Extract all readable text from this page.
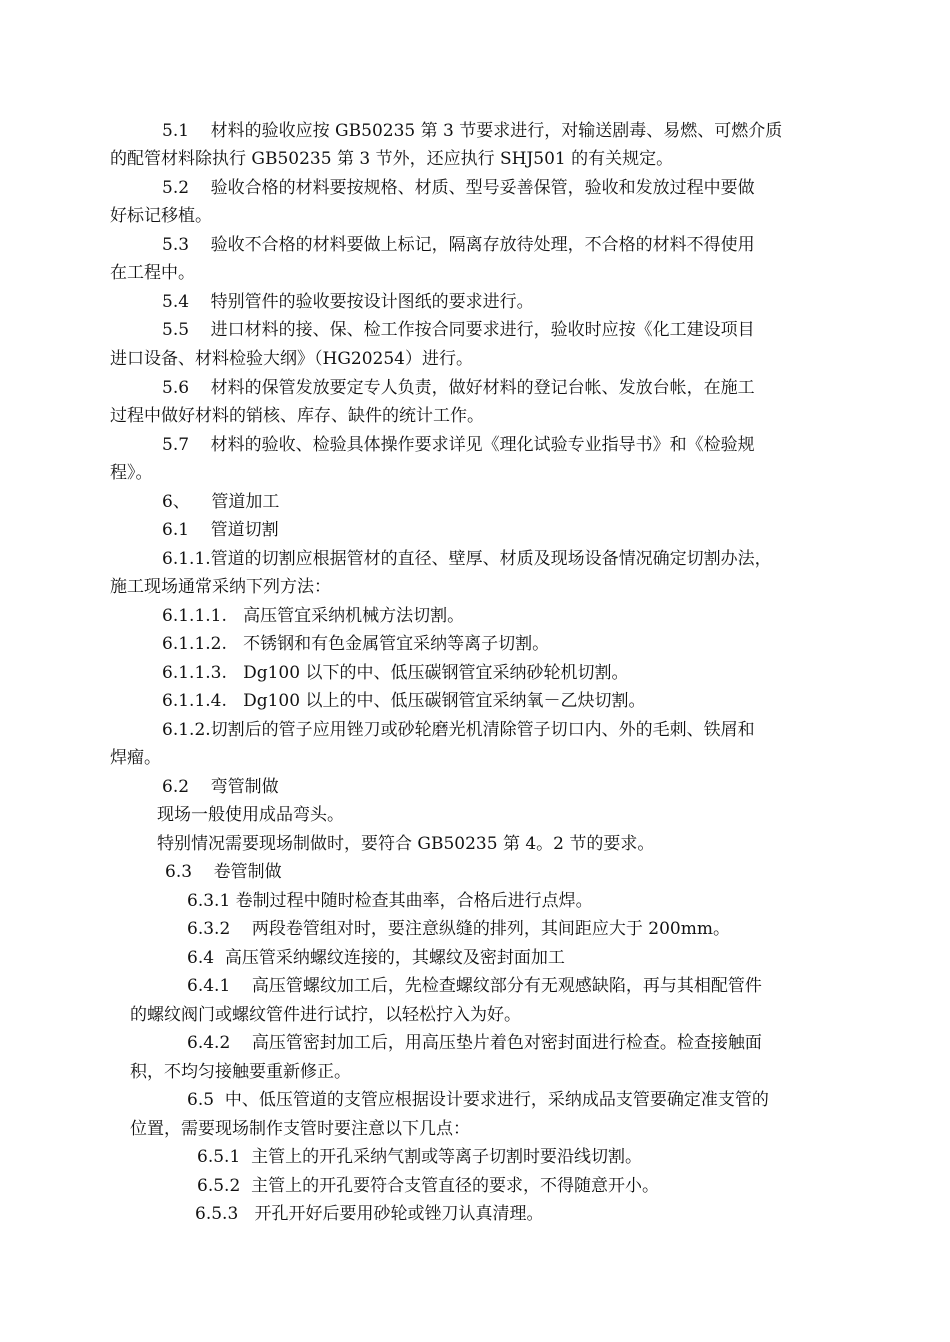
5.1    材料的验收应按 GB50235 第 3 节要求进行，对输送剧毒、易燃、可燃介质
的配管材料除执行 GB50235 第 3 节外，还应执行 SHJ501 的有关规定。
5.2    验收合格的材料要按规格、材质、型号妥善保管，验收和发放过程中要做
好标记移植。
5.3    验收不合格的材料要做上标记，隔离存放待处理，不合格的材料不得使用
在工程中。
5.4    特别管件的验收要按设计图纸的要求进行。
5.5    进口材料的接、保、检工作按合同要求进行，验收时应按《化工建设项目
进口设备、材料检验大纲》（HG20254）进行。
5.6    材料的保管发放要定专人负责，做好材料的登记台帐、发放台帐，在施工
过程中做好材料的销核、库存、缺件的统计工作。
5.7    材料的验收、检验具体操作要求详见《理化试验专业指导书》和《检验规
程》。
6、    管道加工
6.1    管道切割
6.1.1.管道的切割应根据管材的直径、壁厚、材质及现场设备情况确定切割办法，
施工现场通常采纳下列方法：
6.1.1.1.   高压管宜采纳机械方法切割。
6.1.1.2.   不锈钢和有色金属管宜采纳等离子切割。
6.1.1.3.   Dg100 以下的中、低压碳钢管宜采纳砂轮机切割。
6.1.1.4.   Dg100 以上的中、低压碳钢管宜采纳氧－乙炔切割。
6.1.2.切割后的管子应用锉刀或砂轮磨光机清除管子切口内、外的毛刺、铁屑和
焊瘤。
6.2    弯管制做
现场一般使用成品弯头。
特别情况需要现场制做时，要符合 GB50235 第 4。2 节的要求。
6.3    卷管制做
6.3.1 卷制过程中随时检查其曲率，合格后进行点焊。
6.3.2    两段卷管组对时，要注意纵缝的排列，其间距应大于 200mm。
6.4  高压管采纳螺纹连接的，其螺纹及密封面加工
6.4.1    高压管螺纹加工后，先检查螺纹部分有无观感缺陷，再与其相配管件
的螺纹阀门或螺纹管件进行试拧，以轻松拧入为好。
6.4.2    高压管密封加工后，用高压垫片着色对密封面进行检查。检查接触面
积，不均匀接触要重新修正。
6.5  中、低压管道的支管应根据设计要求进行，采纳成品支管要确定准支管的
位置，需要现场制作支管时要注意以下几点：
6.5.1  主管上的开孔采纳气割或等离子切割时要沿线切割。
6.5.2  主管上的开孔要符合支管直径的要求，不得随意开小。
6.5.3   开孔开好后要用砂轮或锉刀认真清理。
